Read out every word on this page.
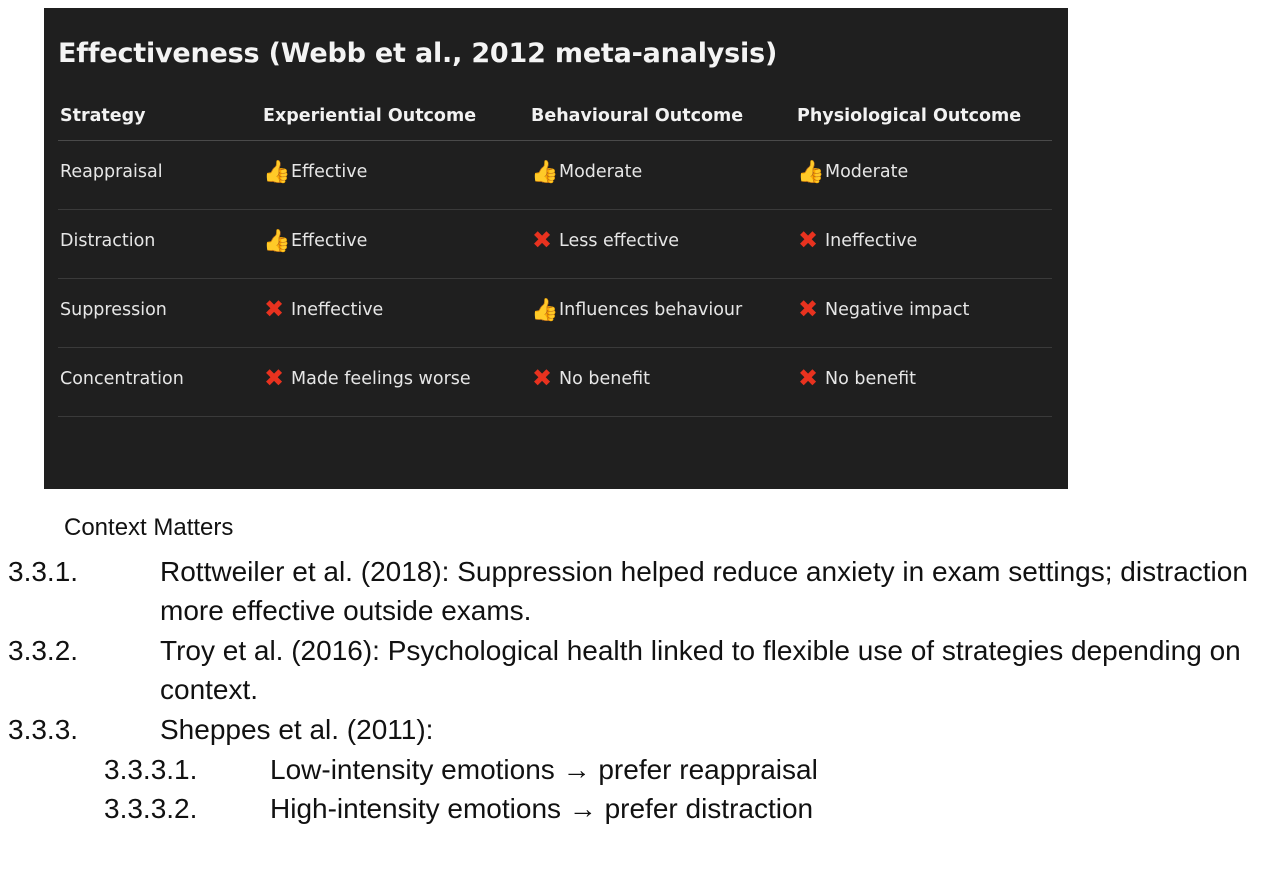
Effectiveness (Webb et al., 2012 meta-analysis)
Strategy	Experiential Outcome	Behavioural Outcome	Physiological Outcome
Reappraisal	👍Effective	👍Moderate	👍Moderate
Distraction	👍Effective	✖ Less effective	✖ Ineffective
Suppression	✖ Ineffective	👍Influences behaviour	✖ Negative impact
Concentration	✖ Made feelings worse	✖ No benefit	✖ No benefit
Context Matters
3.3.1.	Rottweiler et al. (2018): Suppression helped reduce anxiety in exam settings; distraction more effective outside exams.
3.3.2.	Troy et al. (2016): Psychological health linked to flexible use of strategies depending on context.
3.3.3.	Sheppes et al. (2011):
3.3.3.1.	Low-intensity emotions → prefer reappraisal
3.3.3.2.	High-intensity emotions → prefer distraction
